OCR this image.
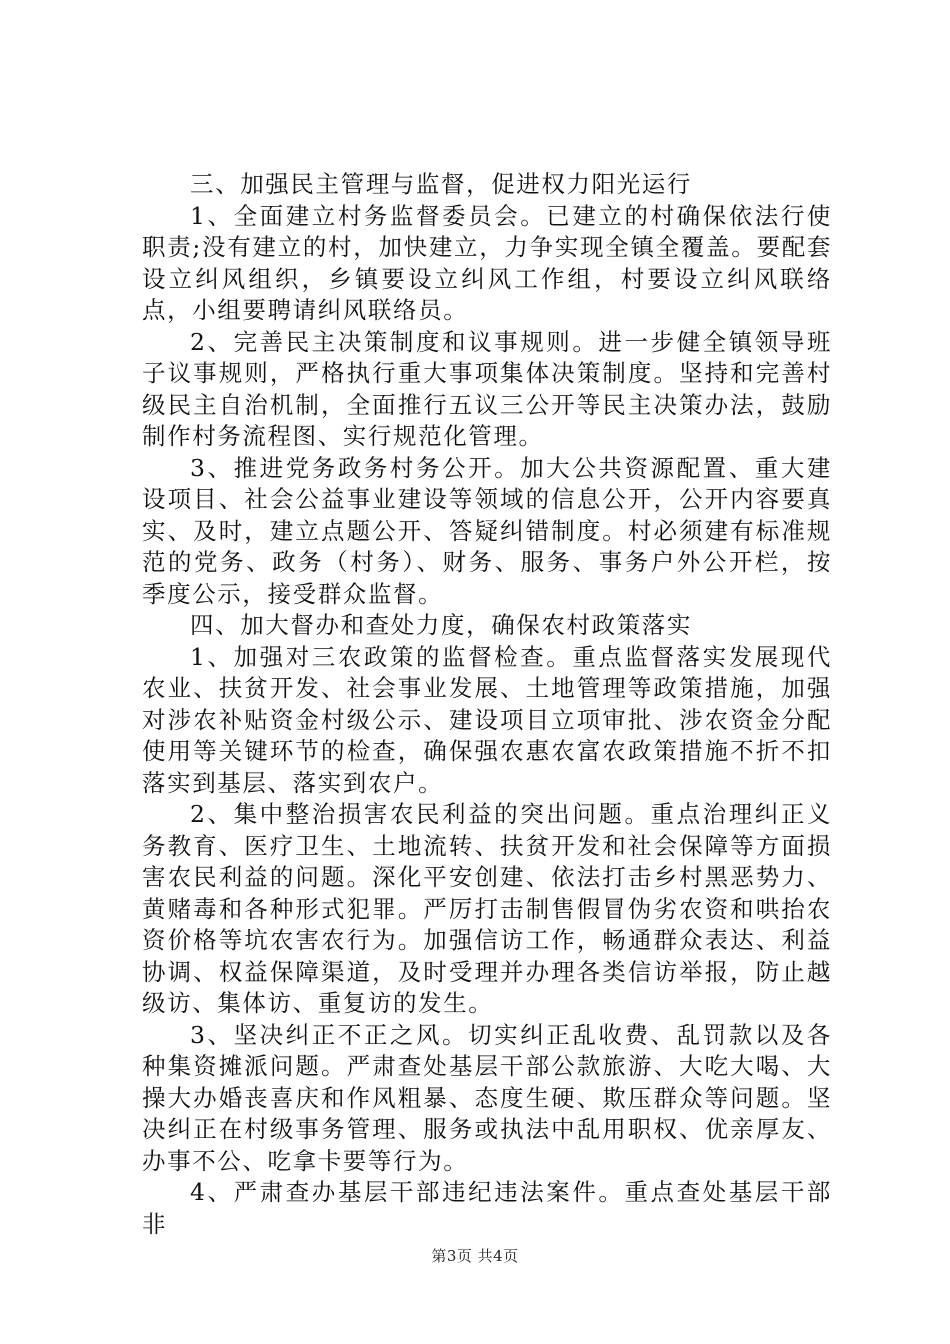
三、加强民主管理与监督，促进权力阳光运行

1、全面建立村务监督委员会。已建立的村确保依法行使职责;没有建立的村，加快建立，力争实现全镇全覆盖。要配套设立纠风组织，乡镇要设立纠风工作组，村要设立纠风联络点，小组要聘请纠风联络员。

2、完善民主决策制度和议事规则。进一步健全镇领导班子议事规则，严格执行重大事项集体决策制度。坚持和完善村级民主自治机制，全面推行五议三公开等民主决策办法，鼓励制作村务流程图、实行规范化管理。

3、推进党务政务村务公开。加大公共资源配置、重大建设项目、社会公益事业建设等领域的信息公开，公开内容要真实、及时，建立点题公开、答疑纠错制度。村必须建有标准规范的党务、政务（村务）、财务、服务、事务户外公开栏，按季度公示，接受群众监督。

四、加大督办和查处力度，确保农村政策落实

1、加强对三农政策的监督检查。重点监督落实发展现代农业、扶贫开发、社会事业发展、土地管理等政策措施，加强对涉农补贴资金村级公示、建设项目立项审批、涉农资金分配使用等关键环节的检查，确保强农惠农富农政策措施不折不扣落实到基层、落实到农户。

2、集中整治损害农民利益的突出问题。重点治理纠正义务教育、医疗卫生、土地流转、扶贫开发和社会保障等方面损害农民利益的问题。深化平安创建、依法打击乡村黑恶势力、黄赌毒和各种形式犯罪。严厉打击制售假冒伪劣农资和哄抬农资价格等坑农害农行为。加强信访工作，畅通群众表达、利益协调、权益保障渠道，及时受理并办理各类信访举报，防止越级访、集体访、重复访的发生。

3、坚决纠正不正之风。切实纠正乱收费、乱罚款以及各种集资摊派问题。严肃查处基层干部公款旅游、大吃大喝、大操大办婚丧喜庆和作风粗暴、态度生硬、欺压群众等问题。坚决纠正在村级事务管理、服务或执法中乱用职权、优亲厚友、办事不公、吃拿卡要等行为。

4、严肃查办基层干部违纪违法案件。重点查处基层干部非

第3页 共4页
